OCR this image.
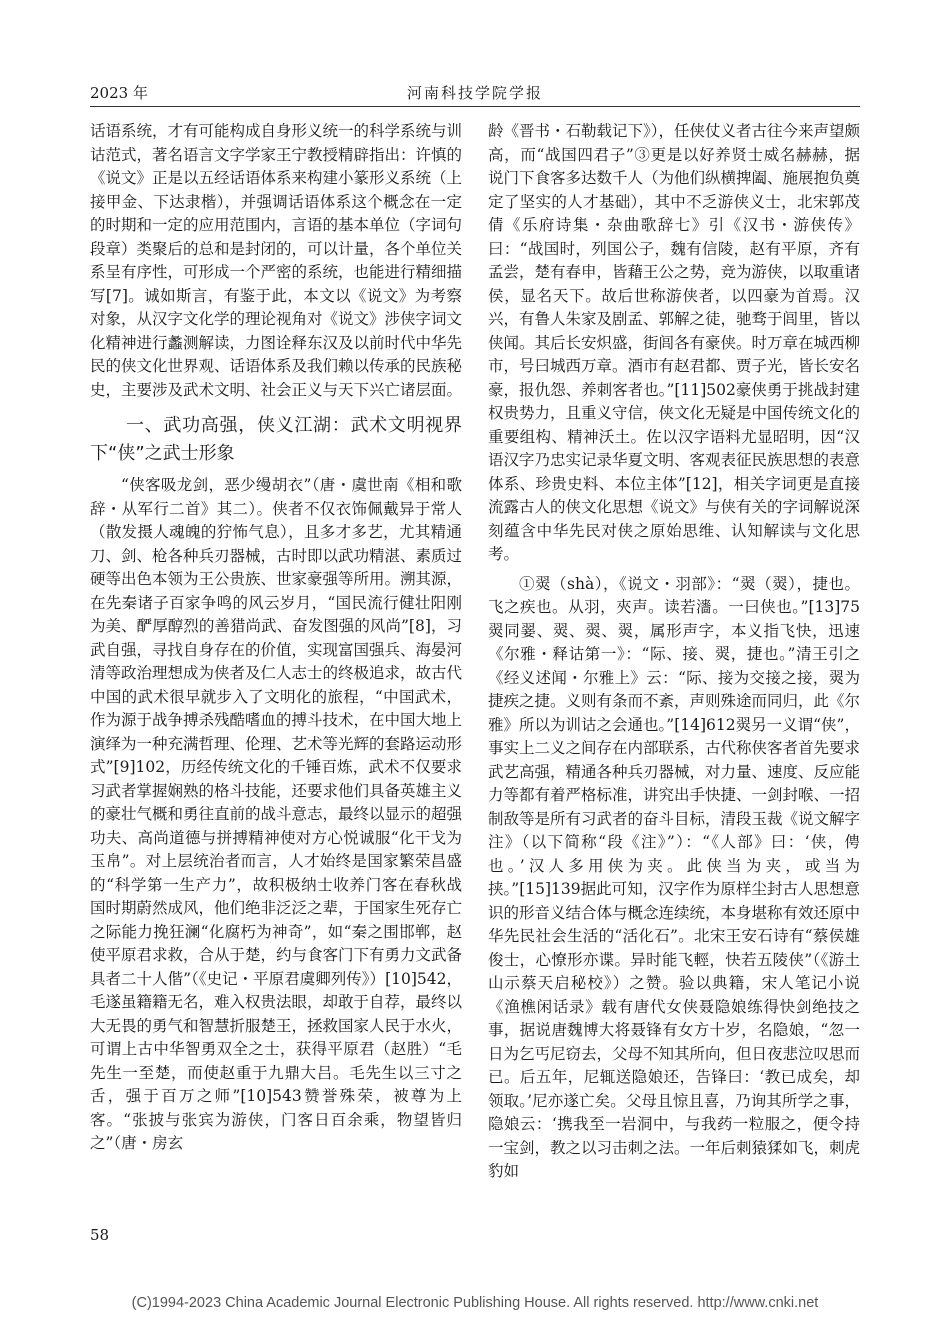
2023 年	河南科技学院学报

话语系统，才有可能构成自身形义统一的科学系统与训诂范式，著名语言文字学家王宁教授精辟指出：许慎的《说文》正是以五经话语体系来构建小篆形义系统（上接甲金、下达隶楷），并强调话语体系这个概念在一定的时期和一定的应用范围内，言语的基本单位（字词句段章）类聚后的总和是封闭的，可以计量，各个单位关系呈有序性，可形成一个严密的系统，也能进行精细描写[7]。诚如斯言，有鉴于此，本文以《说文》为考察对象，从汉字文化学的理论视角对《说文》涉侠字词文化精神进行蠡测解读，力图诠释东汉及以前时代中华先民的侠文化世界观、话语体系及我们赖以传承的民族秘史，主要涉及武术文明、社会正义与天下兴亡诸层面。

一、武功高强，侠义江湖：武术文明视界下“侠”之武士形象

“侠客吸龙剑，恶少缦胡衣”（唐・虞世南《相和歌辞・从军行二首》其二）。侠者不仅衣饰佩戴异于常人（散发摄人魂魄的狞怖气息），且多才多艺，尤其精通刀、剑、枪各种兵刃器械，古时即以武功精湛、素质过硬等出色本领为王公贵族、世家豪强等所用。溯其源，在先秦诸子百家争鸣的风云岁月，“国民流行健壮阳刚为美、酽厚醇烈的善猎尚武、奋发图强的风尚”[8]，习武自强，寻找自身存在的价值，实现富国强兵、海晏河清等政治理想成为侠者及仁人志士的终极追求，故古代中国的武术很早就步入了文明化的旅程，“中国武术，作为源于战争搏杀残酷嗜血的搏斗技术，在中国大地上演绎为一种充满哲理、伦理、艺术等光辉的套路运动形式”[9]102，历经传统文化的千锤百炼，武术不仅要求习武者掌握娴熟的格斗技能，还要求他们具备英雄主义的豪壮气概和勇往直前的战斗意志，最终以显示的超强功夫、高尚道德与拼搏精神使对方心悦诚服“化干戈为玉帛”。对上层统治者而言，人才始终是国家繁荣昌盛的“科学第一生产力”，故积极纳士收养门客在春秋战国时期蔚然成风，他们绝非泛泛之辈，于国家生死存亡之际能力挽狂澜“化腐朽为神奇”，如“秦之围邯郸，赵使平原君求救，合从于楚，约与食客门下有勇力文武备具者二十人偕”（《史记・平原君虞卿列传》）[10]542，毛遂虽籍籍无名，难入权贵法眼，却敢于自荐，最终以大无畏的勇气和智慧折服楚王，拯救国家人民于水火，可谓上古中华智勇双全之士，获得平原君（赵胜）“毛先生一至楚，而使赵重于九鼎大吕。毛先生以三寸之舌，强于百万之师”[10]543赞誉殊荣，被尊为上客。“张披与张宾为游侠，门客日百余乘，物望皆归之”（唐・房玄

龄《晋书・石勒载记下》），任侠仗义者古往今来声望颇高，而“战国四君子”③更是以好养贤士威名赫赫，据说门下食客多达数千人（为他们纵横捭阖、施展抱负奠定了坚实的人才基础），其中不乏游侠义士，北宋郭茂倩《乐府诗集・杂曲歌辞七》引《汉书・游侠传》曰：“战国时，列国公子，魏有信陵，赵有平原，齐有孟尝，楚有春申，皆藉王公之势，竞为游侠，以取重诸侯，显名天下。故后世称游侠者，以四豪为首焉。汉兴，有鲁人朱家及剧孟、郭解之徒，驰骛于闾里，皆以侠闻。其后长安炽盛，街闾各有豪侠。时万章在城西柳市，号曰城西万章。酒市有赵君都、贾子光，皆长安名豪，报仇怨、养刺客者也。”[11]502豪侠勇于挑战封建权贵势力，且重义守信，侠文化无疑是中国传统文化的重要组构、精神沃土。佐以汉字语料尤显昭明，因“汉语汉字乃忠实记录华夏文明、客观表征民族思想的表意体系、珍贵史料、本位主体”[12]，相关字词更是直接流露古人的侠文化思想《说文》与侠有关的字词解说深刻蕴含中华先民对侠之原始思维、认知解读与文化思考。

①翜（shà），《说文・羽部》：“翜（翜），捷也。飞之疾也。从羽，夾声。读若瀒。一曰侠也。”[13]75翜同翣、翜、翜、翜，属形声字，本义指飞快，迅速《尔雅・释诂第一》：“际、接、翜，捷也。”清王引之《经义述闻・尔雅上》云：“际、接为交接之接，翜为捷疾之捷。义则有条而不紊，声则殊途而同归，此《尔雅》所以为训诂之会通也。”[14]612翜另一义谓“侠”，事实上二义之间存在内部联系，古代称侠客者首先要求武艺高强，精通各种兵刃器械，对力量、速度、反应能力等都有着严格标准，讲究出手快捷、一剑封喉、一招制敌等是所有习武者的奋斗目标，清段玉裁《说文解字注》（以下简称“段《注》”）：“《人部》曰：‘侠，俜也。’汉人多用侠为夹。此侠当为夹，或当为挟。”[15]139据此可知，汉字作为原样尘封古人思想意识的形音义结合体与概念连续统，本身堪称有效还原中华先民社会生活的“活化石”。北宋王安石诗有“蔡侯雄俊士，心憭形亦谍。异时能飞輕，快若五陵侠”（《游土山示蔡天启秘校》）之赞。验以典籍，宋人笔记小说《渔樵闲话录》载有唐代女侠聂隐娘练得快剑绝技之事，据说唐魏博大将聂锋有女方十岁，名隐娘，“忽一日为乞丐尼窃去，父母不知其所向，但日夜悲泣叹思而已。后五年，尼辄送隐娘还，告锋曰：‘教已成矣，却领取。’尼亦遂亡矣。父母且惊且喜，乃询其所学之事，隐娘云：‘携我至一岩洞中，与我药一粒服之，便令持一宝剑，教之以习击刺之法。一年后刺猿猱如飞，刺虎豹如

58
(C)1994-2023 China Academic Journal Electronic Publishing House. All rights reserved. http://www.cnki.net
